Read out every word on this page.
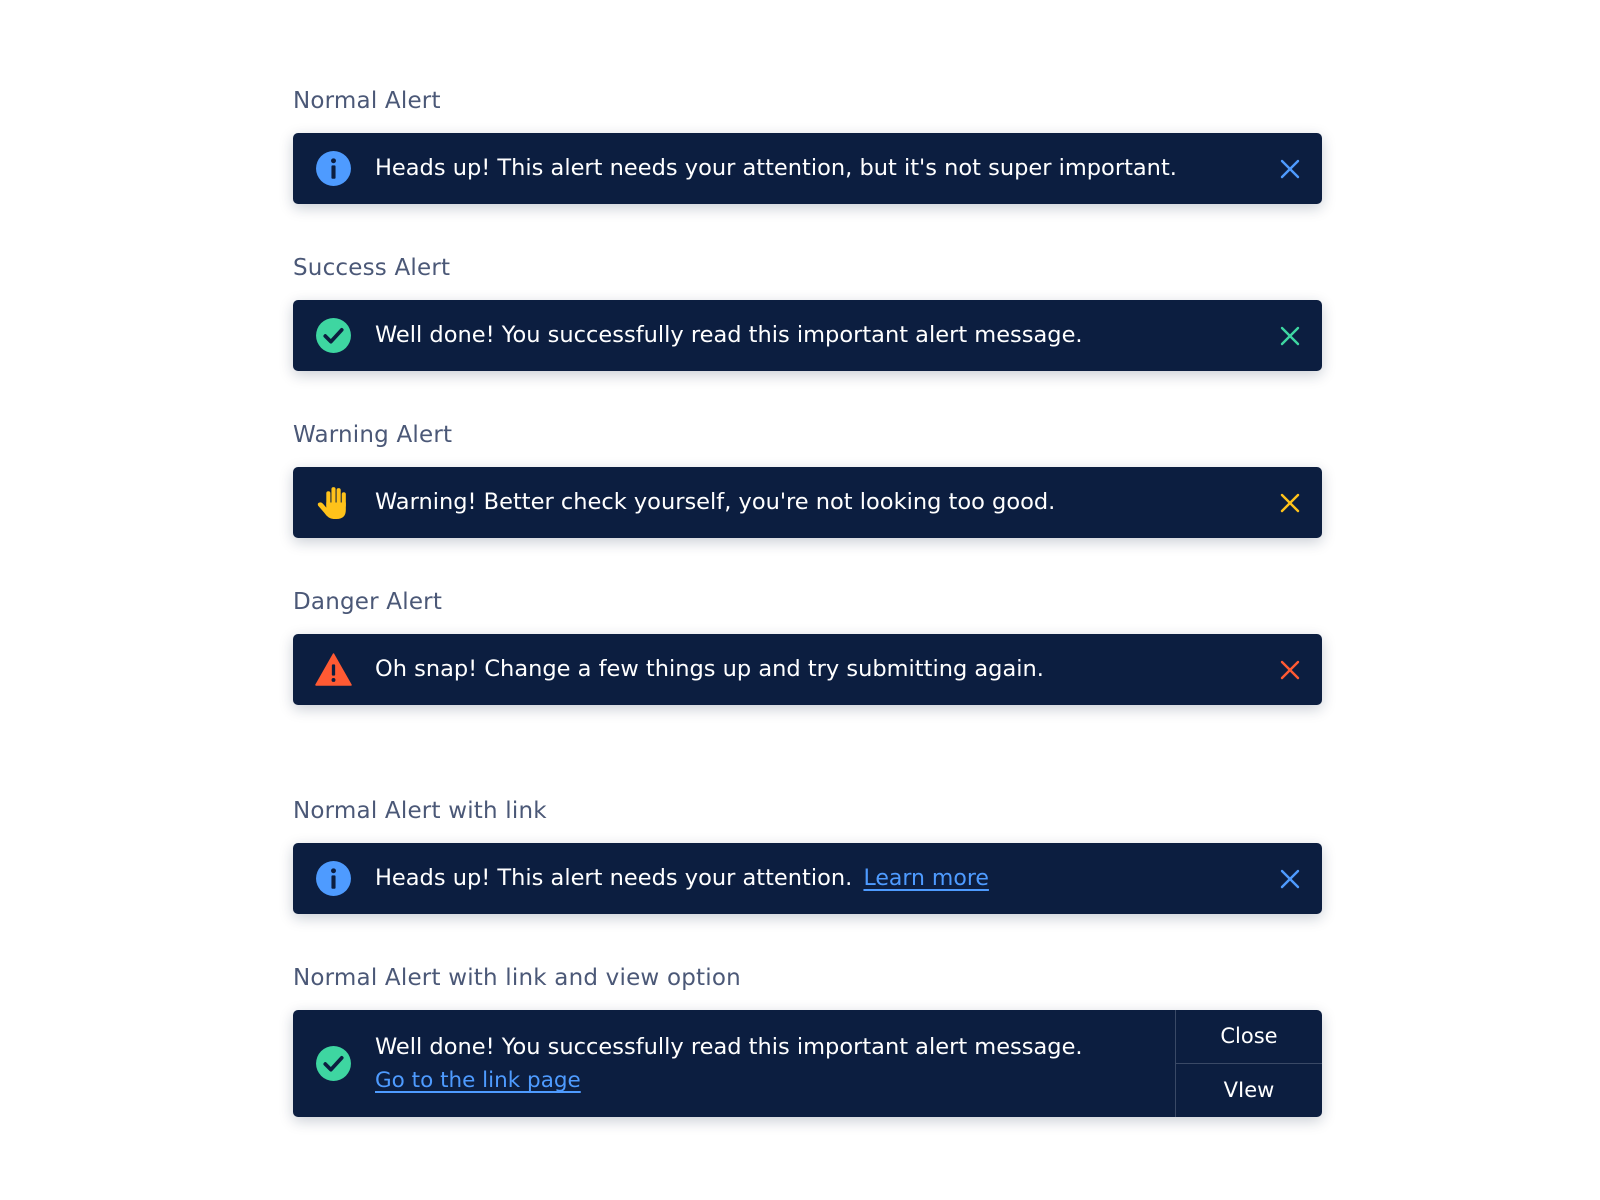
Normal Alert
Heads up! This alert needs your attention, but it's not super important.
Success Alert
Well done! You successfully read this important alert message.
Warning Alert
Warning! Better check yourself, you're not looking too good.
Danger Alert
Oh snap! Change a few things up and try submitting again.
Normal Alert with link
Heads up! This alert needs your attention. Learn more
Normal Alert with link and view option
Well done! You successfully read this important alert message.
Go to the link page
Close
VIew
